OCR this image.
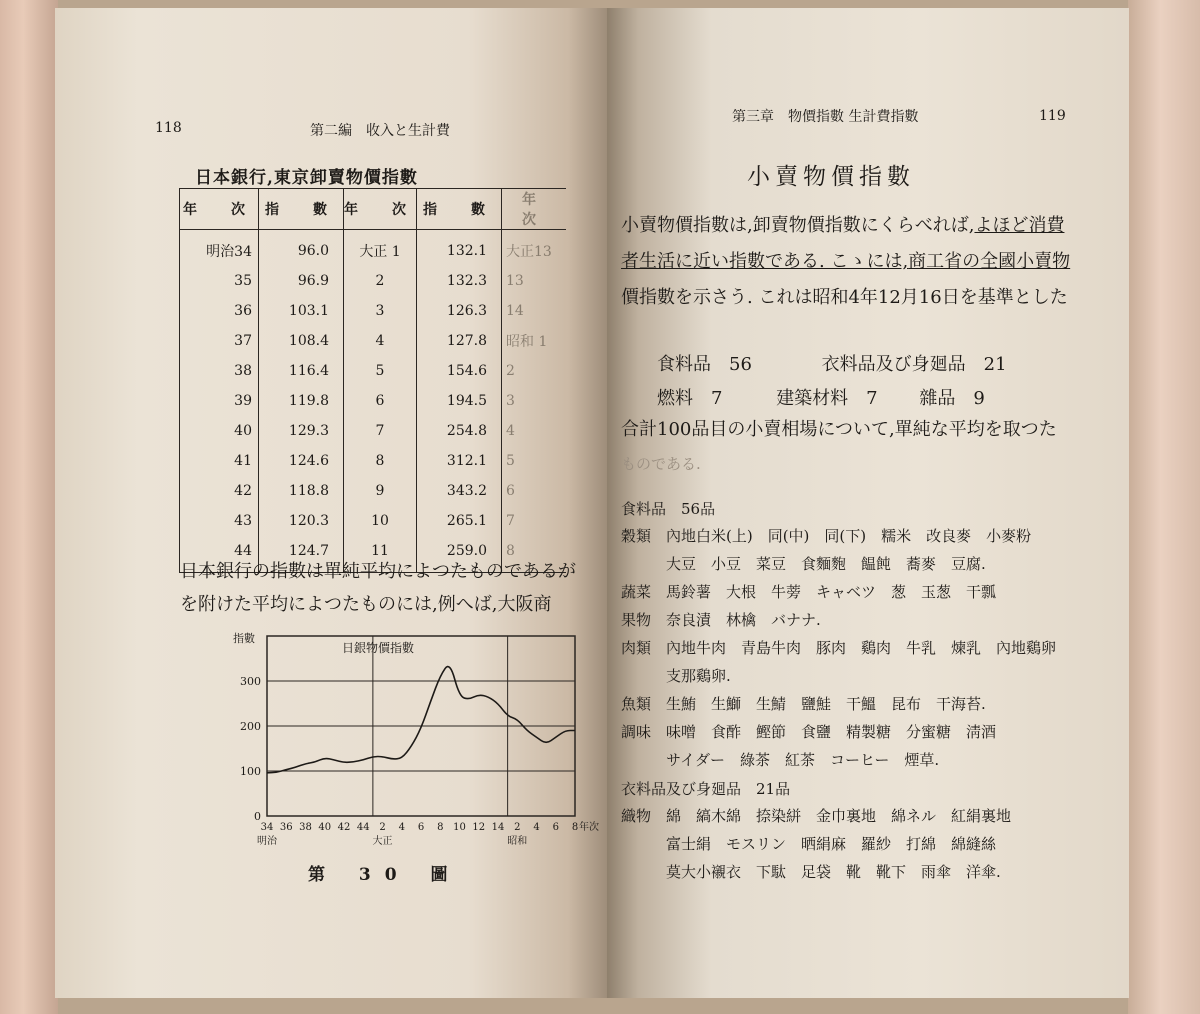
118	第二編　收入と生計費
日本銀行,東京卸賣物價指數
年　次	指　數	年　次	指　數	年　次
明治34	96.0	大正 1	132.1	大正13
35	96.9	2	132.3	13
36	103.1	3	126.3	14
37	108.4	4	127.8	昭和 1
38	116.4	5	154.6	2
39	119.8	6	194.5	3
40	129.3	7	254.8	4
41	124.6	8	312.1	5
42	118.8	9	343.2	6
43	120.3	10	265.1	7
44	124.7	11	259.0	8
日本銀行の指數は單純平均によつたものであるが
を附けた平均によつたものには,例へば,大阪商
0
100
200
300
日銀物價指數
指數
34 36 38 40 42 44 2 4 6 8 10 12 14 2 4 6 8 年次
明治	大正	昭和
第 30 圖
第三章　物價指數 生計費指數	119
小賣物價指數
小賣物價指數は,卸賣物價指數にくらべれば,よほど消費
者生活に近い指數である. こゝには,商工省の全國小賣物
價指數を示さう. これは昭和4年12月16日を基準とした
食料品　56	衣料品及び身廻品　21
燃料　7	建築材料　7 雜品　9
合計100品目の小賣相場について,單純な平均を取つた
ものである.
食料品　56品
穀類　內地白米(上)　同(中)　同(下)　糯米　改良麥　小麥粉
　　　大豆　小豆　菜豆　食麵麭　饂飩　蕎麥　豆腐.
蔬菜　馬鈴薯　大根　牛蒡　キャベツ　葱　玉葱　干瓢
果物　奈良漬　林檎　バナナ.
肉類　內地牛肉　青島牛肉　豚肉　鷄肉　牛乳　煉乳　內地鷄卵
　　　支那鷄卵.
魚類　生鮪　生鰤　生鯖　鹽鮭　干鰮　昆布　干海苔.
調味　味噌　食酢　鰹節　食鹽　精製糖　分蜜糖　淸酒
　　　サイダー　綠茶　紅茶　コーヒー　煙草.
衣料品及び身廻品　21品
織物　綿　縞木綿　捺染絣　金巾裏地　綿ネル　紅絹裏地
　　　富士絹　モスリン　晒絹麻　羅紗　打綿　綿縫絲
　　　莫大小襯衣　下駄　足袋　靴　靴下　雨傘　洋傘.
